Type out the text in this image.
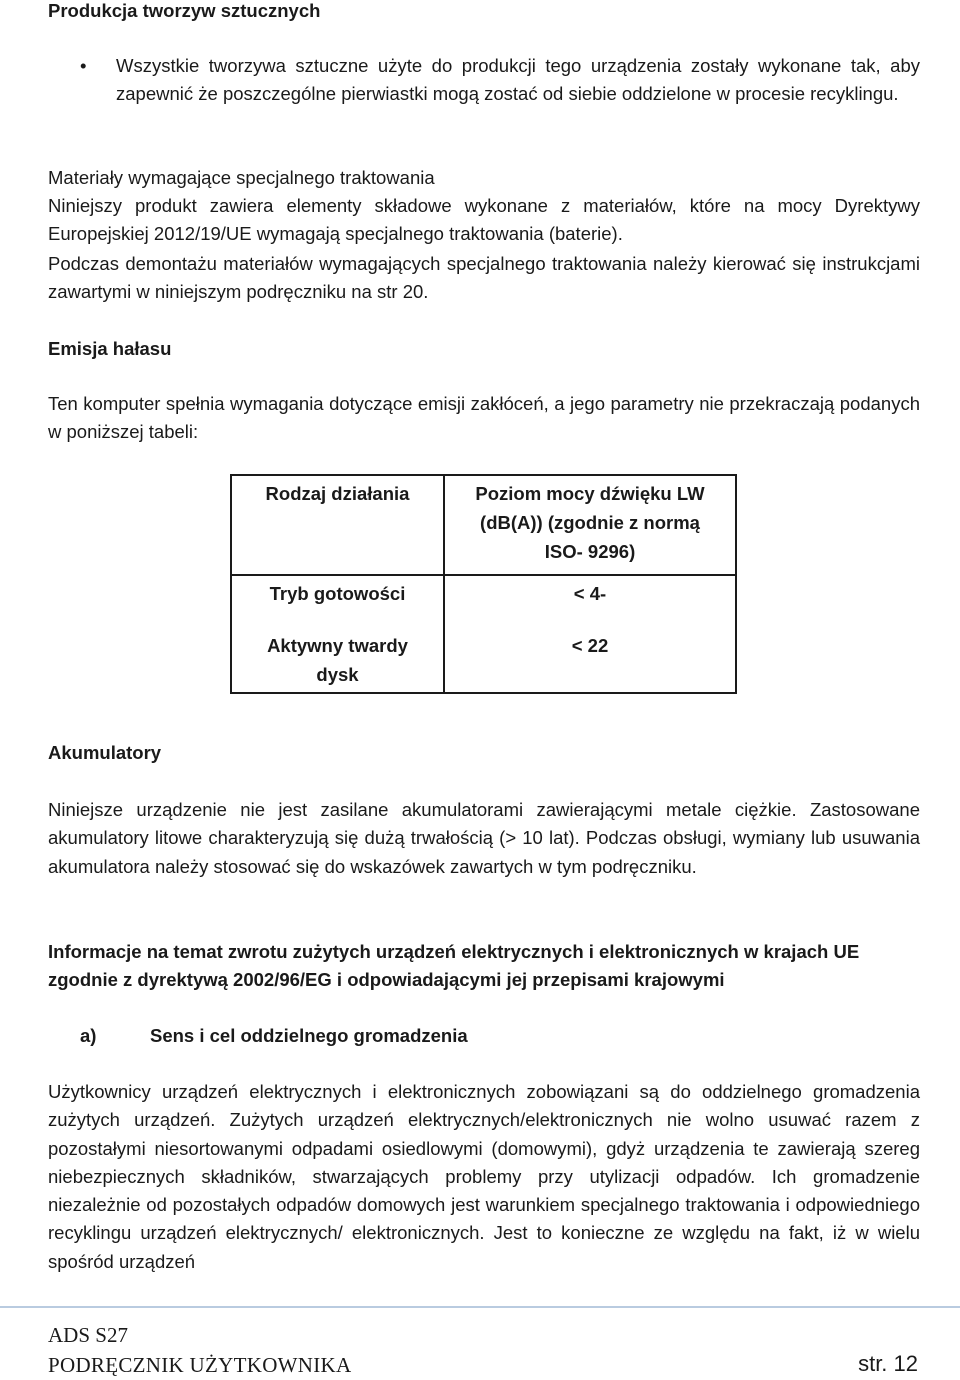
Produkcja tworzyw sztucznych
• Wszystkie tworzywa sztuczne użyte do produkcji tego urządzenia zostały wykonane tak, aby zapewnić że poszczególne pierwiastki mogą zostać od siebie oddzielone w procesie recyklingu.
Materiały wymagające specjalnego traktowania
Niniejszy produkt zawiera elementy składowe wykonane z materiałów, które na mocy Dyrektywy Europejskiej 2012/19/UE wymagają specjalnego traktowania (baterie).
Podczas demontażu materiałów wymagających specjalnego traktowania należy kierować się instrukcjami zawartymi w niniejszym podręczniku na str 20.
Emisja hałasu
Ten komputer spełnia wymagania dotyczące emisji zakłóceń, a jego parametry nie przekraczają podanych w poniższej tabeli:
Rodzaj działania	Poziom mocy dźwięku LW
(dB(A)) (zgodnie z normą
ISO- 9296)

Tryb gotowości	< 4-

Aktywny twardy
dysk	< 22
Akumulatory
Niniejsze urządzenie nie jest zasilane akumulatorami zawierającymi metale ciężkie. Zastosowane akumulatory litowe charakteryzują się dużą trwałością (> 10 lat). Podczas obsługi, wymiany lub usuwania akumulatora należy stosować się do wskazówek zawartych w tym podręczniku.
Informacje na temat zwrotu zużytych urządzeń elektrycznych i elektronicznych w krajach UE zgodnie z dyrektywą 2002/96/EG i odpowiadającymi jej przepisami krajowymi
a)	Sens i cel oddzielnego gromadzenia
Użytkownicy urządzeń elektrycznych i elektronicznych zobowiązani są do oddzielnego gromadzenia zużytych urządzeń. Zużytych urządzeń elektrycznych/elektronicznych nie wolno usuwać razem z pozostałymi niesortowanymi odpadami osiedlowymi (domowymi), gdyż urządzenia te zawierają szereg niebezpiecznych składników, stwarzających problemy przy utylizacji odpadów. Ich gromadzenie niezależnie od pozostałych odpadów domowych jest warunkiem specjalnego traktowania i odpowiedniego recyklingu urządzeń elektrycznych/ elektronicznych. Jest to konieczne ze względu na fakt, iż w wielu spośród urządzeń
ADS S27
PODRĘCZNIK UŻYTKOWNIKA	str. 12
